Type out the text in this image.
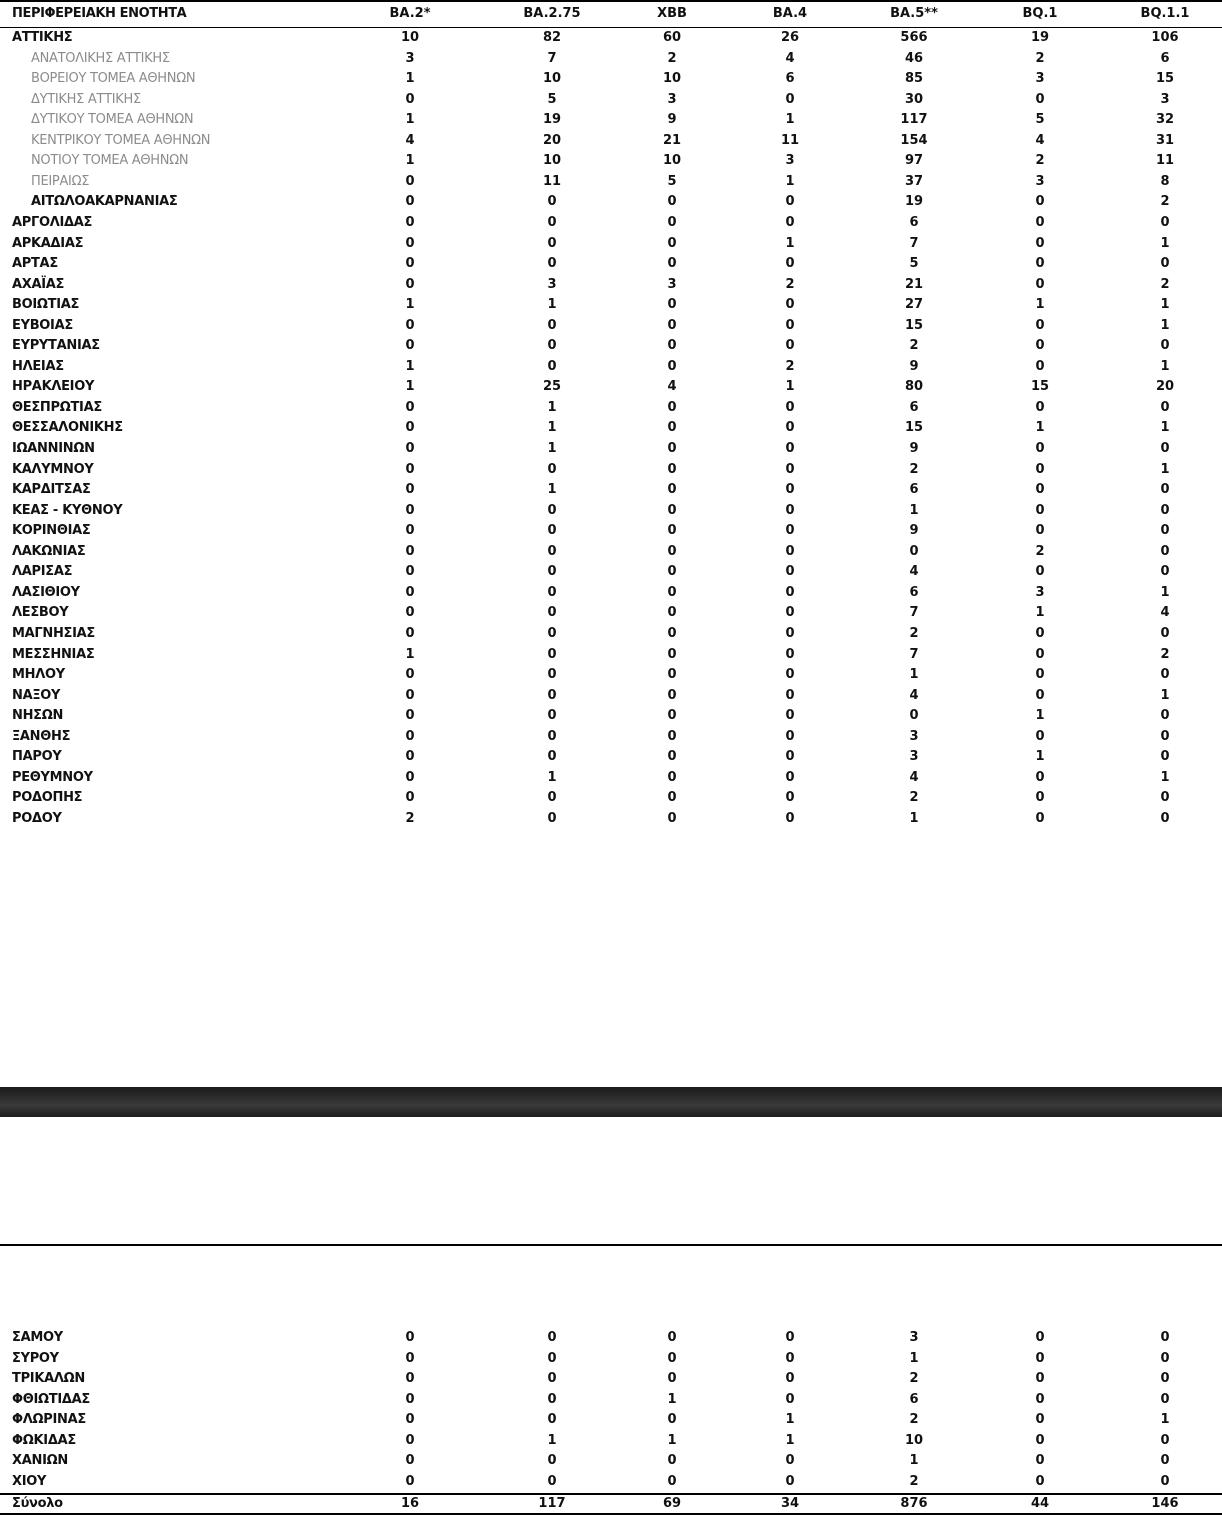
ΠΕΡΙΦΕΡΕΙΑΚΗ ΕΝΟΤΗΤΑ	BA.2*	BA.2.75	XBB	BA.4	BA.5**	BQ.1	BQ.1.1
ΑΤΤΙΚΗΣ	10	82	60	26	566	19	106
ΑΝΑΤΟΛΙΚΗΣ ΑΤΤΙΚΗΣ	3	7	2	4	46	2	6
ΒΟΡΕΙΟΥ ΤΟΜΕΑ ΑΘΗΝΩΝ	1	10	10	6	85	3	15
ΔΥΤΙΚΗΣ ΑΤΤΙΚΗΣ	0	5	3	0	30	0	3
ΔΥΤΙΚΟΥ ΤΟΜΕΑ ΑΘΗΝΩΝ	1	19	9	1	117	5	32
ΚΕΝΤΡΙΚΟΥ ΤΟΜΕΑ ΑΘΗΝΩΝ	4	20	21	11	154	4	31
ΝΟΤΙΟΥ ΤΟΜΕΑ ΑΘΗΝΩΝ	1	10	10	3	97	2	11
ΠΕΙΡΑΙΩΣ	0	11	5	1	37	3	8
ΑΙΤΩΛΟΑΚΑΡΝΑΝΙΑΣ	0	0	0	0	19	0	2
ΑΡΓΟΛΙΔΑΣ	0	0	0	0	6	0	0
ΑΡΚΑΔΙΑΣ	0	0	0	1	7	0	1
ΑΡΤΑΣ	0	0	0	0	5	0	0
ΑΧΑΪΑΣ	0	3	3	2	21	0	2
ΒΟΙΩΤΙΑΣ	1	1	0	0	27	1	1
ΕΥΒΟΙΑΣ	0	0	0	0	15	0	1
ΕΥΡΥΤΑΝΙΑΣ	0	0	0	0	2	0	0
ΗΛΕΙΑΣ	1	0	0	2	9	0	1
ΗΡΑΚΛΕΙΟΥ	1	25	4	1	80	15	20
ΘΕΣΠΡΩΤΙΑΣ	0	1	0	0	6	0	0
ΘΕΣΣΑΛΟΝΙΚΗΣ	0	1	0	0	15	1	1
ΙΩΑΝΝΙΝΩΝ	0	1	0	0	9	0	0
ΚΑΛΥΜΝΟΥ	0	0	0	0	2	0	1
ΚΑΡΔΙΤΣΑΣ	0	1	0	0	6	0	0
ΚΕΑΣ - ΚΥΘΝΟΥ	0	0	0	0	1	0	0
ΚΟΡΙΝΘΙΑΣ	0	0	0	0	9	0	0
ΛΑΚΩΝΙΑΣ	0	0	0	0	0	2	0
ΛΑΡΙΣΑΣ	0	0	0	0	4	0	0
ΛΑΣΙΘΙΟΥ	0	0	0	0	6	3	1
ΛΕΣΒΟΥ	0	0	0	0	7	1	4
ΜΑΓΝΗΣΙΑΣ	0	0	0	0	2	0	0
ΜΕΣΣΗΝΙΑΣ	1	0	0	0	7	0	2
ΜΗΛΟΥ	0	0	0	0	1	0	0
ΝΑΞΟΥ	0	0	0	0	4	0	1
ΝΗΣΩΝ	0	0	0	0	0	1	0
ΞΑΝΘΗΣ	0	0	0	0	3	0	0
ΠΑΡΟΥ	0	0	0	0	3	1	0
ΡΕΘΥΜΝΟΥ	0	1	0	0	4	0	1
ΡΟΔΟΠΗΣ	0	0	0	0	2	0	0
ΡΟΔΟΥ	2	0	0	0	1	0	0
ΣΑΜΟΥ	0	0	0	0	3	0	0
ΣΥΡΟΥ	0	0	0	0	1	0	0
ΤΡΙΚΑΛΩΝ	0	0	0	0	2	0	0
ΦΘΙΩΤΙΔΑΣ	0	0	1	0	6	0	0
ΦΛΩΡΙΝΑΣ	0	0	0	1	2	0	1
ΦΩΚΙΔΑΣ	0	1	1	1	10	0	0
ΧΑΝΙΩΝ	0	0	0	0	1	0	0
ΧΙΟΥ	0	0	0	0	2	0	0
Σύνολο	16	117	69	34	876	44	146
